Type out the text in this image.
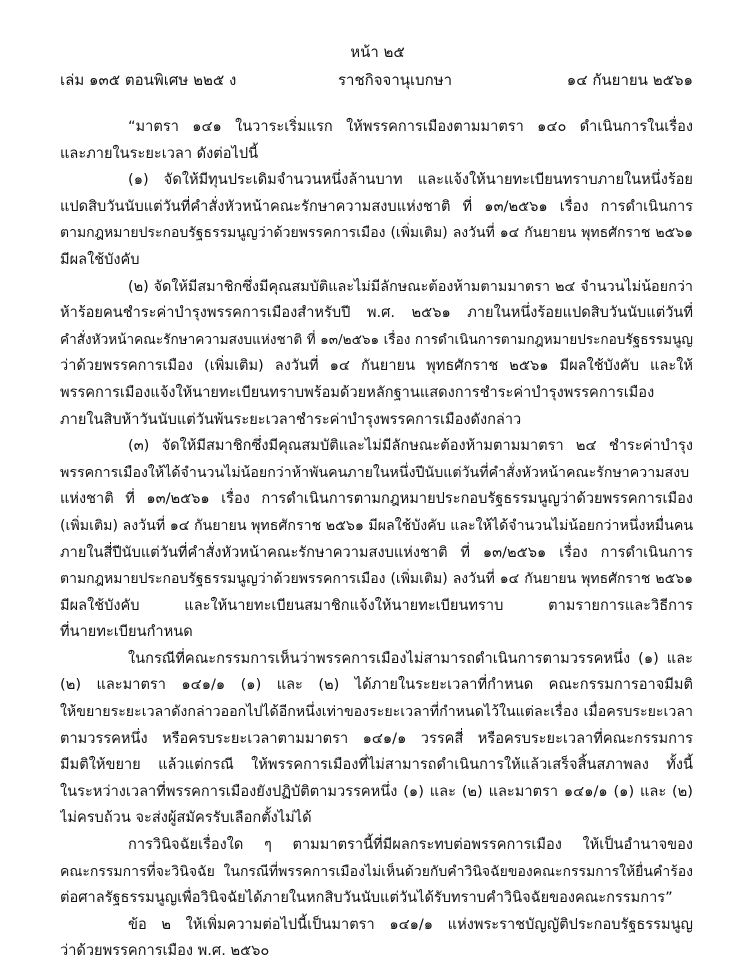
หน้า ๒๕
เล่ม ๑๓๕ ตอนพิเศษ ๒๒๕ ง	ราชกิจจานุเบกษา	๑๔ กันยายน ๒๕๖๑
“มาตรา ๑๔๑ ในวาระเริ่มแรก ให้พรรคการเมืองตามมาตรา ๑๔๐ ดำเนินการในเรื่อง
และภายในระยะเวลา ดังต่อไปนี้
(๑) จัดให้มีทุนประเดิมจำนวนหนึ่งล้านบาท และแจ้งให้นายทะเบียนทราบภายในหนึ่งร้อย
แปดสิบวันนับแต่วันที่คำสั่งหัวหน้าคณะรักษาความสงบแห่งชาติ ที่ ๑๓/๒๕๖๑ เรื่อง การดำเนินการ
ตามกฎหมายประกอบรัฐธรรมนูญว่าด้วยพรรคการเมือง (เพิ่มเติม) ลงวันที่ ๑๔ กันยายน พุทธศักราช ๒๕๖๑
มีผลใช้บังคับ
(๒) จัดให้มีสมาชิกซึ่งมีคุณสมบัติและไม่มีลักษณะต้องห้ามตามมาตรา ๒๔ จำนวนไม่น้อยกว่า
ห้าร้อยคนชำระค่าบำรุงพรรคการเมืองสำหรับปี พ.ศ. ๒๕๖๑ ภายในหนึ่งร้อยแปดสิบวันนับแต่วันที่
คำสั่งหัวหน้าคณะรักษาความสงบแห่งชาติ ที่ ๑๓/๒๕๖๑ เรื่อง การดำเนินการตามกฎหมายประกอบรัฐธรรมนูญ
ว่าด้วยพรรคการเมือง (เพิ่มเติม) ลงวันที่ ๑๔ กันยายน พุทธศักราช ๒๕๖๑ มีผลใช้บังคับ และให้
พรรคการเมืองแจ้งให้นายทะเบียนทราบพร้อมด้วยหลักฐานแสดงการชำระค่าบำรุงพรรคการเมือง
ภายในสิบห้าวันนับแต่วันพ้นระยะเวลาชำระค่าบำรุงพรรคการเมืองดังกล่าว
(๓) จัดให้มีสมาชิกซึ่งมีคุณสมบัติและไม่มีลักษณะต้องห้ามตามมาตรา ๒๔ ชำระค่าบำรุง
พรรคการเมืองให้ได้จำนวนไม่น้อยกว่าห้าพันคนภายในหนึ่งปีนับแต่วันที่คำสั่งหัวหน้าคณะรักษาความสงบ
แห่งชาติ ที่ ๑๓/๒๕๖๑ เรื่อง การดำเนินการตามกฎหมายประกอบรัฐธรรมนูญว่าด้วยพรรคการเมือง
(เพิ่มเติม) ลงวันที่ ๑๔ กันยายน พุทธศักราช ๒๕๖๑ มีผลใช้บังคับ และให้ได้จำนวนไม่น้อยกว่าหนึ่งหมื่นคน
ภายในสี่ปีนับแต่วันที่คำสั่งหัวหน้าคณะรักษาความสงบแห่งชาติ ที่ ๑๓/๒๕๖๑ เรื่อง การดำเนินการ
ตามกฎหมายประกอบรัฐธรรมนูญว่าด้วยพรรคการเมือง (เพิ่มเติม) ลงวันที่ ๑๔ กันยายน พุทธศักราช ๒๕๖๑
มีผลใช้บังคับ และให้นายทะเบียนสมาชิกแจ้งให้นายทะเบียนทราบ ตามรายการและวิธีการ
ที่นายทะเบียนกำหนด
ในกรณีที่คณะกรรมการเห็นว่าพรรคการเมืองไม่สามารถดำเนินการตามวรรคหนึ่ง (๑) และ
(๒) และมาตรา ๑๔๑/๑ (๑) และ (๒) ได้ภายในระยะเวลาที่กำหนด คณะกรรมการอาจมีมติ
ให้ขยายระยะเวลาดังกล่าวออกไปได้อีกหนึ่งเท่าของระยะเวลาที่กำหนดไว้ในแต่ละเรื่อง เมื่อครบระยะเวลา
ตามวรรคหนึ่ง หรือครบระยะเวลาตามมาตรา ๑๔๑/๑ วรรคสี่ หรือครบระยะเวลาที่คณะกรรมการ
มีมติให้ขยาย แล้วแต่กรณี ให้พรรคการเมืองที่ไม่สามารถดำเนินการให้แล้วเสร็จสิ้นสภาพลง ทั้งนี้
ในระหว่างเวลาที่พรรคการเมืองยังปฏิบัติตามวรรคหนึ่ง (๑) และ (๒) และมาตรา ๑๔๑/๑ (๑) และ (๒)
ไม่ครบถ้วน จะส่งผู้สมัครรับเลือกตั้งไม่ได้
การวินิจฉัยเรื่องใด ๆ ตามมาตรานี้ที่มีผลกระทบต่อพรรคการเมือง ให้เป็นอำนาจของ
คณะกรรมการที่จะวินิจฉัย ในกรณีที่พรรคการเมืองไม่เห็นด้วยกับคำวินิจฉัยของคณะกรรมการให้ยื่นคำร้อง
ต่อศาลรัฐธรรมนูญเพื่อวินิจฉัยได้ภายในหกสิบวันนับแต่วันได้รับทราบคำวินิจฉัยของคณะกรรมการ”
ข้อ ๒ ให้เพิ่มความต่อไปนี้เป็นมาตรา ๑๔๑/๑ แห่งพระราชบัญญัติประกอบรัฐธรรมนูญ
ว่าด้วยพรรคการเมือง พ.ศ. ๒๕๖๐
